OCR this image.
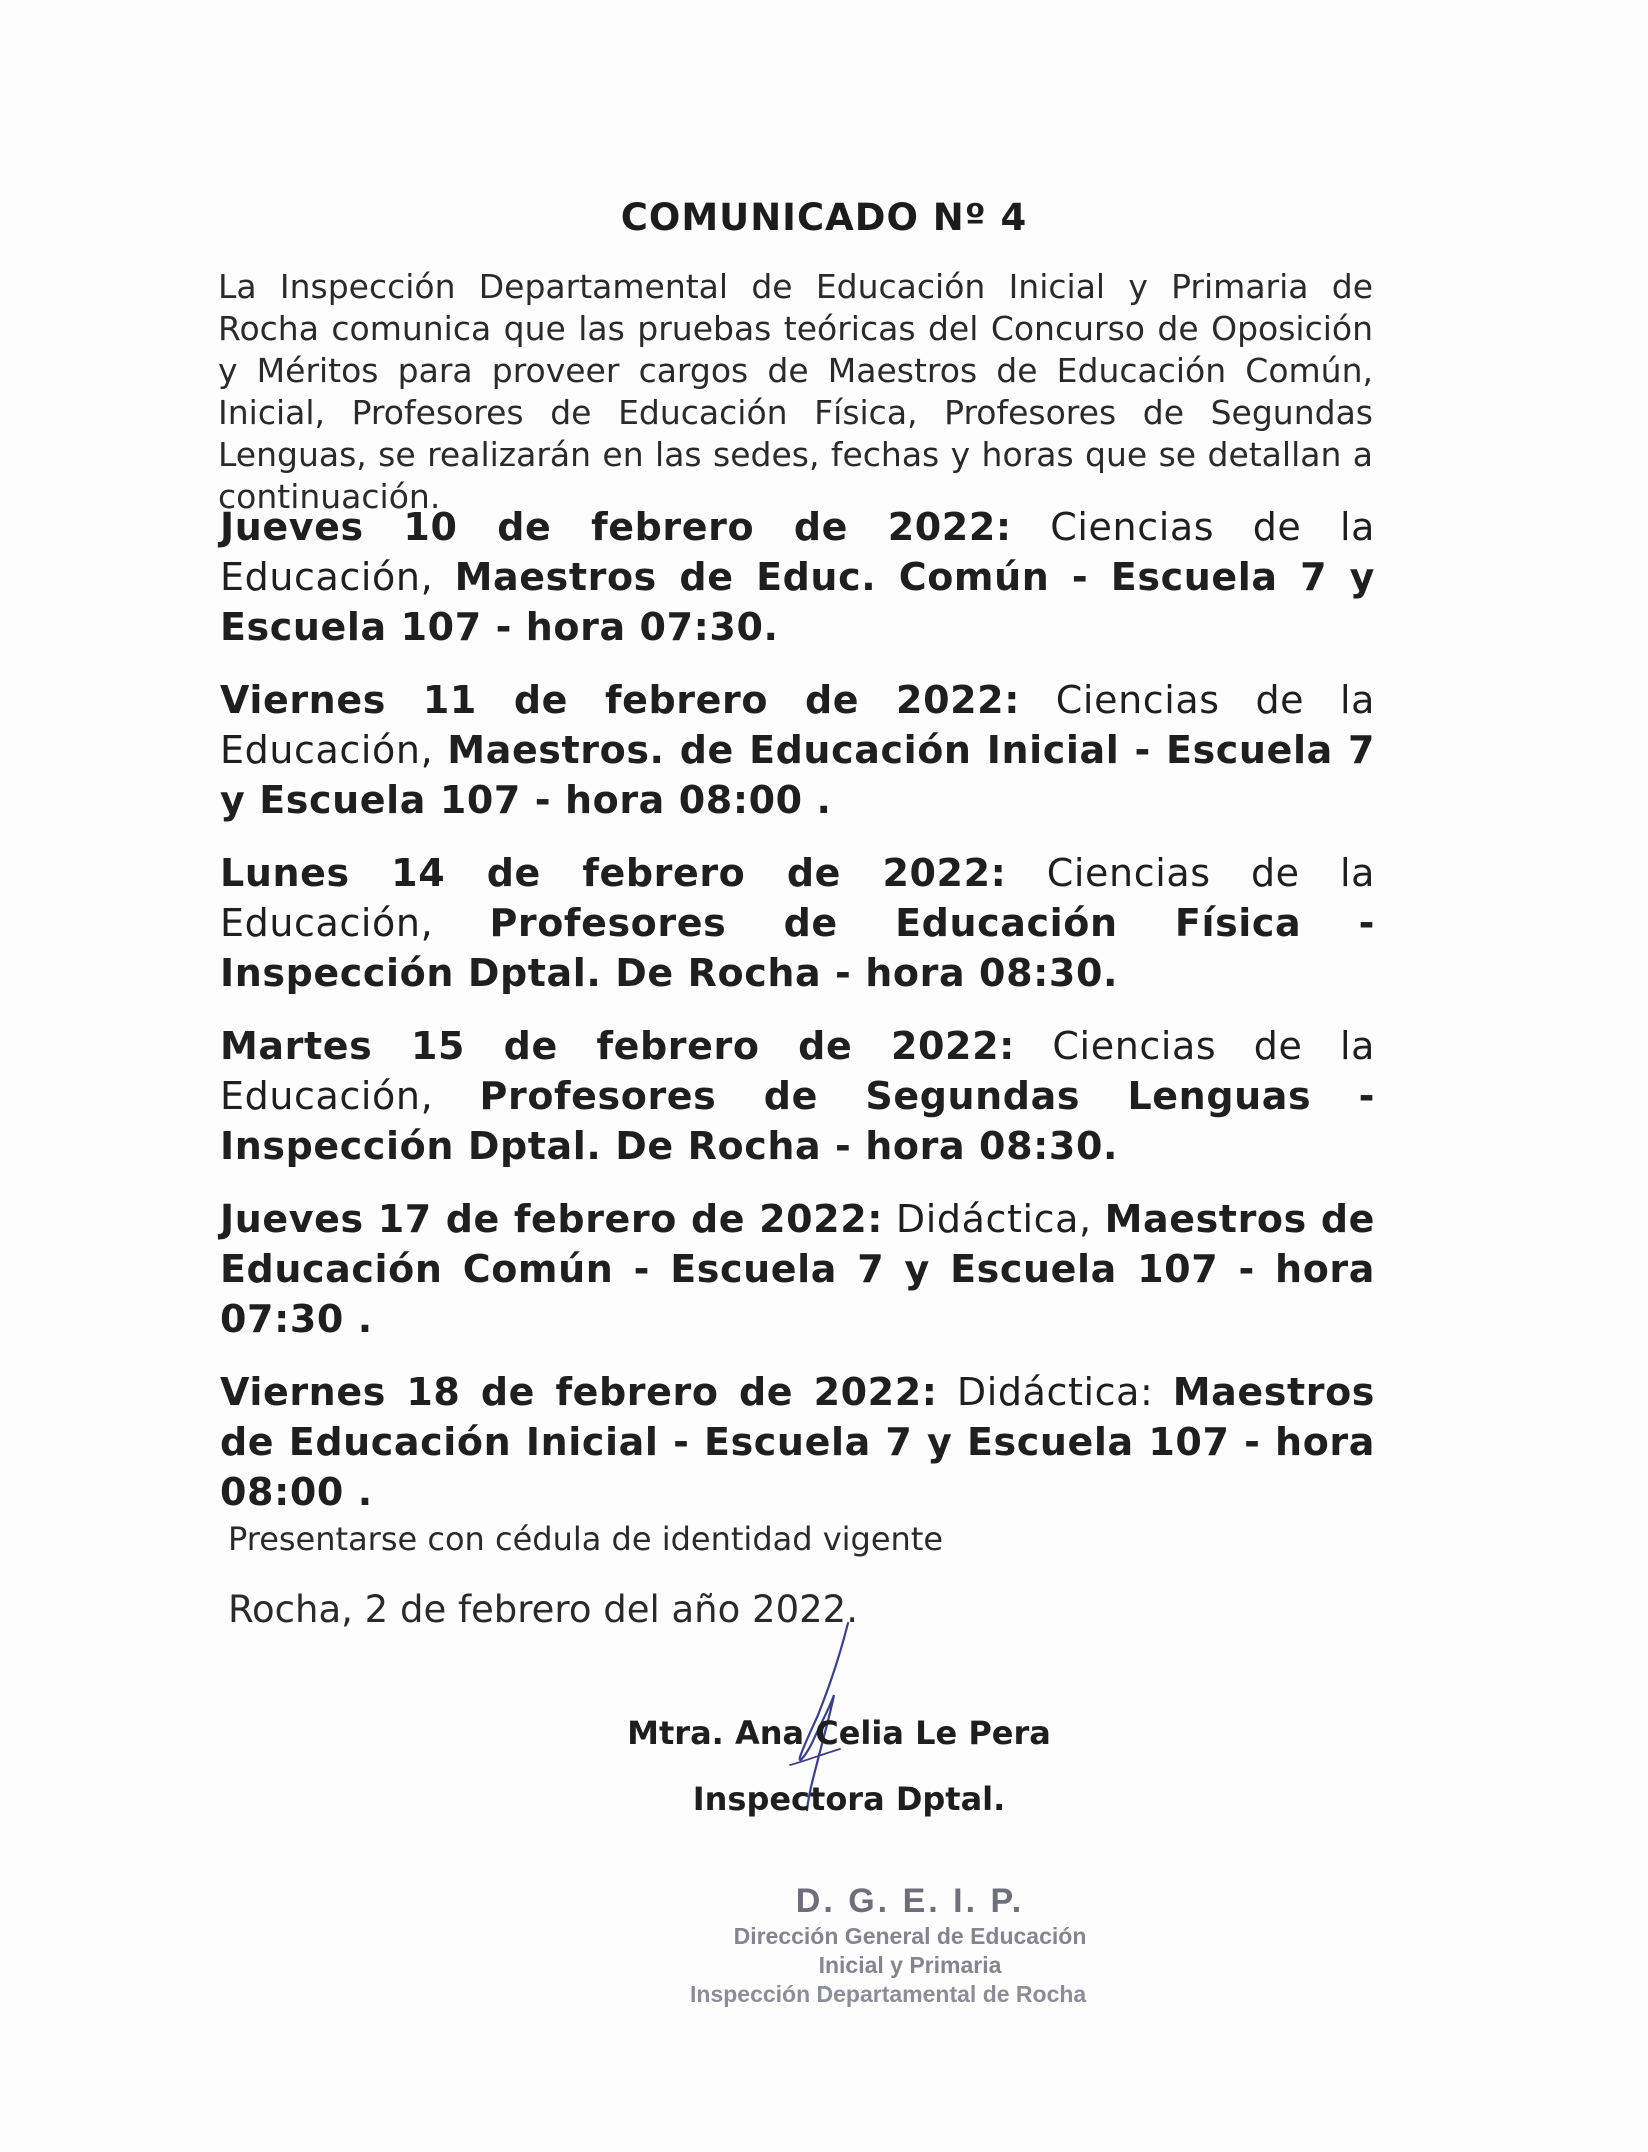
COMUNICADO Nº 4

La Inspección Departamental de Educación Inicial y Primaria de Rocha comunica que las pruebas teóricas del Concurso de Oposición y Méritos para proveer cargos de Maestros de Educación Común, Inicial, Profesores de Educación Física, Profesores de Segundas Lenguas, se realizarán en las sedes, fechas y horas que se detallan a continuación.

Jueves 10 de febrero de 2022: Ciencias de la Educación, Maestros de Educ. Común - Escuela 7 y Escuela 107 - hora 07:30.

Viernes 11 de febrero de 2022: Ciencias de la Educación, Maestros. de Educación Inicial - Escuela 7 y Escuela 107 - hora 08:00 .

Lunes 14 de febrero de 2022: Ciencias de la Educación, Profesores de Educación Física - Inspección Dptal. De Rocha - hora 08:30.

Martes 15 de febrero de 2022: Ciencias de la Educación, Profesores de Segundas Lenguas - Inspección Dptal. De Rocha - hora 08:30.

Jueves 17 de febrero de 2022: Didáctica, Maestros de Educación Común - Escuela 7 y Escuela 107 - hora 07:30 .

Viernes 18 de febrero de 2022: Didáctica: Maestros de Educación Inicial - Escuela 7 y Escuela 107 - hora 08:00 .

Presentarse con cédula de identidad vigente
Rocha, 2 de febrero del año 2022.
Mtra. Ana Celia Le Pera
Inspectora Dptal.
D. G. E. I. P.
Dirección General de Educación
Inicial y Primaria
Inspección Departamental de Rocha
